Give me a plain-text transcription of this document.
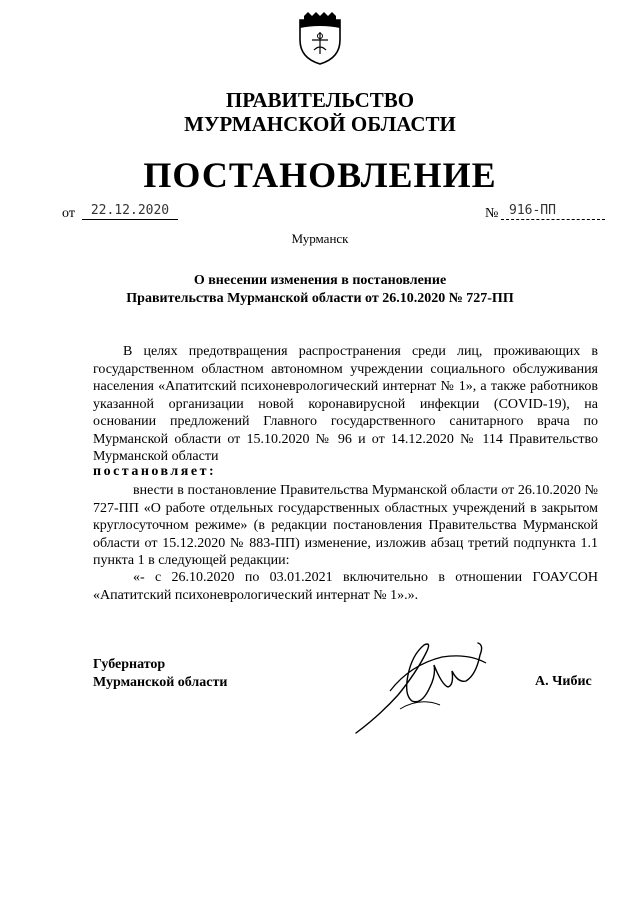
ПРАВИТЕЛЬСТВО
МУРМАНСКОЙ ОБЛАСТИ
ПОСТАНОВЛЕНИЕ
от	22.12.2020	№ 916-ПП
Мурманск
О внесении изменения в постановление
Правительства Мурманской области от 26.10.2020 № 727-ПП
В целях предотвращения распространения среди лиц, проживающих в государственном областном автономном учреждении социального обслуживания населения «Апатитский психоневрологический интернат № 1», а также работников указанной организации новой коронавирусной инфекции (COVID-19), на основании предложений Главного государственного санитарного врача по Мурманской области от 15.10.2020 № 96 и от 14.12.2020 № 114 Правительство Мурманской области
постановляет:
внести в постановление Правительства Мурманской области от 26.10.2020 № 727-ПП «О работе отдельных государственных областных учреждений в закрытом круглосуточном режиме» (в редакции постановления Правительства Мурманской области от 15.12.2020 № 883-ПП) изменение, изложив абзац третий подпункта 1.1 пункта 1 в следующей редакции:
«- с 26.10.2020 по 03.01.2021 включительно в отношении ГОАУСОН «Апатитский психоневрологический интернат № 1».».
Губернатор
Мурманской области	А. Чибис
